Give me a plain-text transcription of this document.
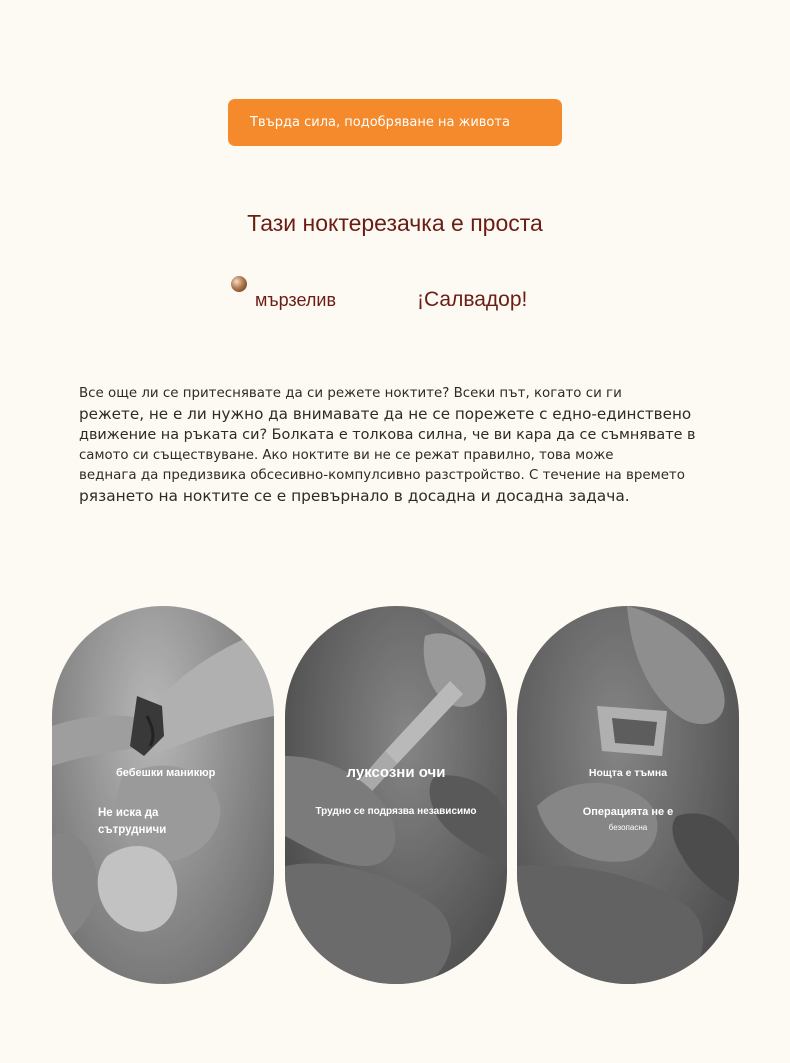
Твърда сила, подобряване на живота
Тази ноктерезачка е проста
мързелив	¡Салвадор!
Все още ли се притеснявате да си режете ноктите? Всеки път, когато си ги
режете, не е ли нужно да внимавате да не се порежете с едно-единствено
движение на ръката си? Болката е толкова силна, че ви кара да се съмнявате в
самото си съществуване. Ако ноктите ви не се режат правилно, това може
веднага да предизвика обсесивно-компулсивно разстройство. С течение на времето
рязането на ноктите се е превърнало в досадна и досадна задача.
бебешки маникюр
Не иска да сътрудничи
луксозни очи
Трудно се подрязва независимо
Нощта е тъмна
Операцията не е
безопасна
